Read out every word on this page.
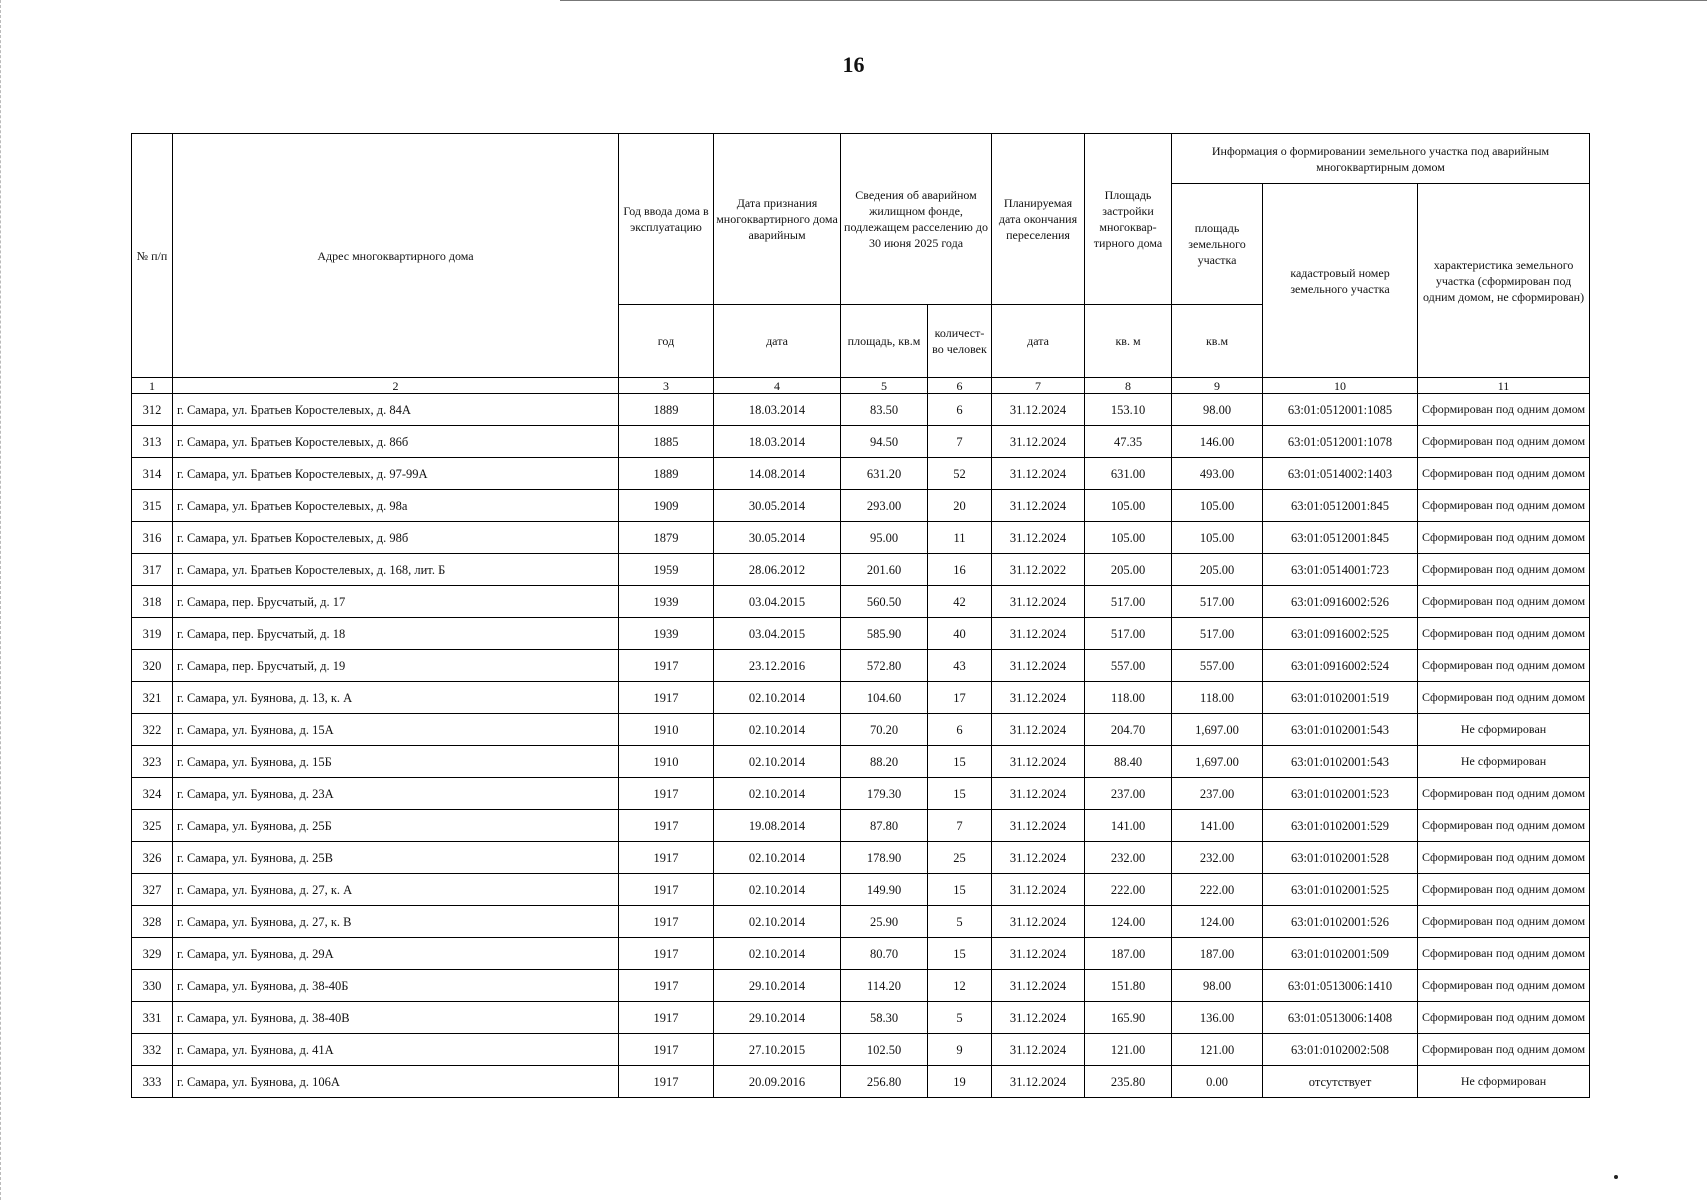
16
№ п/п	Адрес многоквартирного дома	Год ввода дома в эксплуатацию	Дата признания многоквартирного дома аварийным	Сведения об аварийном жилищном фонде, подлежащем расселению до 30 июня 2025 года		Планируемая дата окончания переселения	Площадь застройки многоквар-тирного дома	Информация о формировании земельного участка под аварийным многоквартирным домом		
								площадь земельного участка	кадастровый номер земельного участка	характеристика земельного участка (сформирован под одним домом, не сформирован)
		год	дата	площадь, кв.м	количест-во человек	дата	кв. м	кв.м		
1	2	3	4	5	6	7	8	9	10	11
312	г. Самара, ул. Братьев Коростелевых, д. 84А	1889	18.03.2014	83.50	6	31.12.2024	153.10	98.00	63:01:0512001:1085	Сформирован под одним домом
313	г. Самара, ул. Братьев Коростелевых, д. 86б	1885	18.03.2014	94.50	7	31.12.2024	47.35	146.00	63:01:0512001:1078	Сформирован под одним домом
314	г. Самара, ул. Братьев Коростелевых, д. 97-99А	1889	14.08.2014	631.20	52	31.12.2024	631.00	493.00	63:01:0514002:1403	Сформирован под одним домом
315	г. Самара, ул. Братьев Коростелевых, д. 98а	1909	30.05.2014	293.00	20	31.12.2024	105.00	105.00	63:01:0512001:845	Сформирован под одним домом
316	г. Самара, ул. Братьев Коростелевых, д. 98б	1879	30.05.2014	95.00	11	31.12.2024	105.00	105.00	63:01:0512001:845	Сформирован под одним домом
317	г. Самара, ул. Братьев Коростелевых, д. 168, лит. Б	1959	28.06.2012	201.60	16	31.12.2022	205.00	205.00	63:01:0514001:723	Сформирован под одним домом
318	г. Самара, пер. Брусчатый, д. 17	1939	03.04.2015	560.50	42	31.12.2024	517.00	517.00	63:01:0916002:526	Сформирован под одним домом
319	г. Самара, пер. Брусчатый, д. 18	1939	03.04.2015	585.90	40	31.12.2024	517.00	517.00	63:01:0916002:525	Сформирован под одним домом
320	г. Самара, пер. Брусчатый, д. 19	1917	23.12.2016	572.80	43	31.12.2024	557.00	557.00	63:01:0916002:524	Сформирован под одним домом
321	г. Самара, ул. Буянова, д. 13, к. А	1917	02.10.2014	104.60	17	31.12.2024	118.00	118.00	63:01:0102001:519	Сформирован под одним домом
322	г. Самара, ул. Буянова, д. 15А	1910	02.10.2014	70.20	6	31.12.2024	204.70	1,697.00	63:01:0102001:543	Не сформирован
323	г. Самара, ул. Буянова, д. 15Б	1910	02.10.2014	88.20	15	31.12.2024	88.40	1,697.00	63:01:0102001:543	Не сформирован
324	г. Самара, ул. Буянова, д. 23А	1917	02.10.2014	179.30	15	31.12.2024	237.00	237.00	63:01:0102001:523	Сформирован под одним домом
325	г. Самара, ул. Буянова, д. 25Б	1917	19.08.2014	87.80	7	31.12.2024	141.00	141.00	63:01:0102001:529	Сформирован под одним домом
326	г. Самара, ул. Буянова, д. 25В	1917	02.10.2014	178.90	25	31.12.2024	232.00	232.00	63:01:0102001:528	Сформирован под одним домом
327	г. Самара, ул. Буянова, д. 27, к. А	1917	02.10.2014	149.90	15	31.12.2024	222.00	222.00	63:01:0102001:525	Сформирован под одним домом
328	г. Самара, ул. Буянова, д. 27, к. В	1917	02.10.2014	25.90	5	31.12.2024	124.00	124.00	63:01:0102001:526	Сформирован под одним домом
329	г. Самара, ул. Буянова, д. 29А	1917	02.10.2014	80.70	15	31.12.2024	187.00	187.00	63:01:0102001:509	Сформирован под одним домом
330	г. Самара, ул. Буянова, д. 38-40Б	1917	29.10.2014	114.20	12	31.12.2024	151.80	98.00	63:01:0513006:1410	Сформирован под одним домом
331	г. Самара, ул. Буянова, д. 38-40В	1917	29.10.2014	58.30	5	31.12.2024	165.90	136.00	63:01:0513006:1408	Сформирован под одним домом
332	г. Самара, ул. Буянова, д. 41А	1917	27.10.2015	102.50	9	31.12.2024	121.00	121.00	63:01:0102002:508	Сформирован под одним домом
333	г. Самара, ул. Буянова, д. 106А	1917	20.09.2016	256.80	19	31.12.2024	235.80	0.00	отсутствует	Не сформирован
